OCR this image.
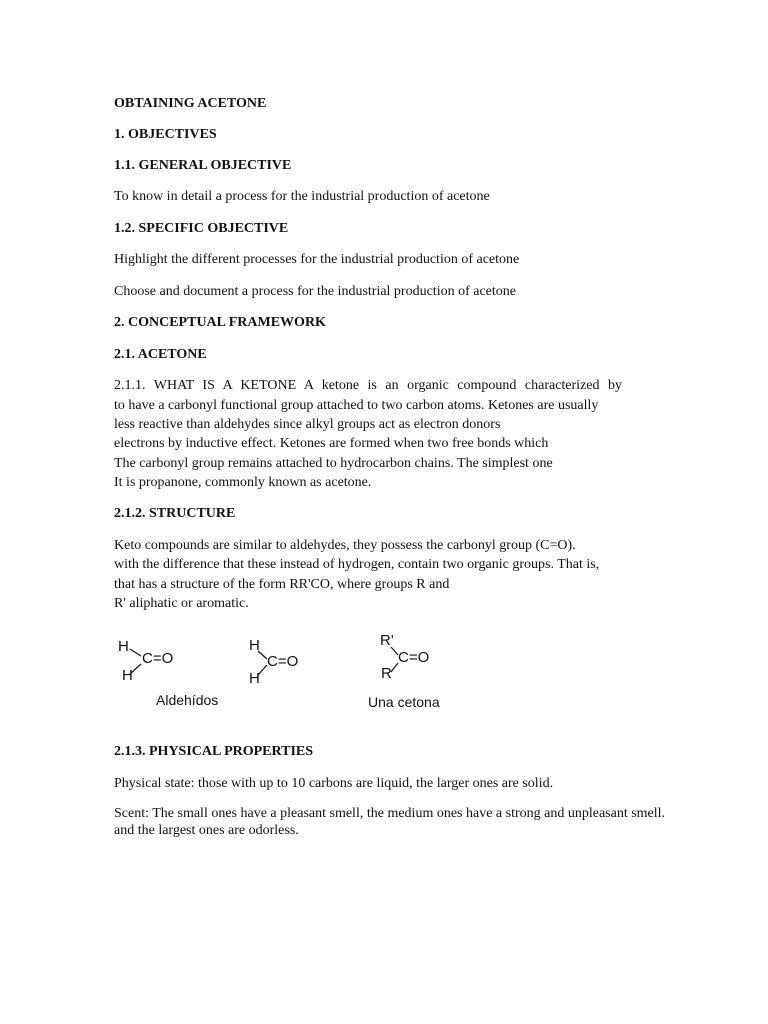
OBTAINING ACETONE

1. OBJECTIVES

1.1. GENERAL OBJECTIVE

To know in detail a process for the industrial production of acetone

1.2. SPECIFIC OBJECTIVE

Highlight the different processes for the industrial production of acetone

Choose and document a process for the industrial production of acetone

2. CONCEPTUAL FRAMEWORK

2.1. ACETONE

2.1.1. WHAT IS A KETONE A ketone is an organic compound characterized by

to have a carbonyl functional group attached to two carbon atoms. Ketones are usually

less reactive than aldehydes since alkyl groups act as electron donors

electrons by inductive effect. Ketones are formed when two free bonds which

The carbonyl group remains attached to hydrocarbon chains. The simplest one

It is propanone, commonly known as acetone.

2.1.2. STRUCTURE

Keto compounds are similar to aldehydes, they possess the carbonyl group (C=O).

with the difference that these instead of hydrogen, contain two organic groups. That is,

that has a structure of the form RR'CO, where groups R and

R' aliphatic or aromatic.

H
C=O
H
H
C=O
H
R'
C=O
R
Aldehídos	Una cetona

2.1.3. PHYSICAL PROPERTIES

Physical state: those with up to 10 carbons are liquid, the larger ones are solid.

Scent: The small ones have a pleasant smell, the medium ones have a strong and unpleasant smell.

and the largest ones are odorless.
